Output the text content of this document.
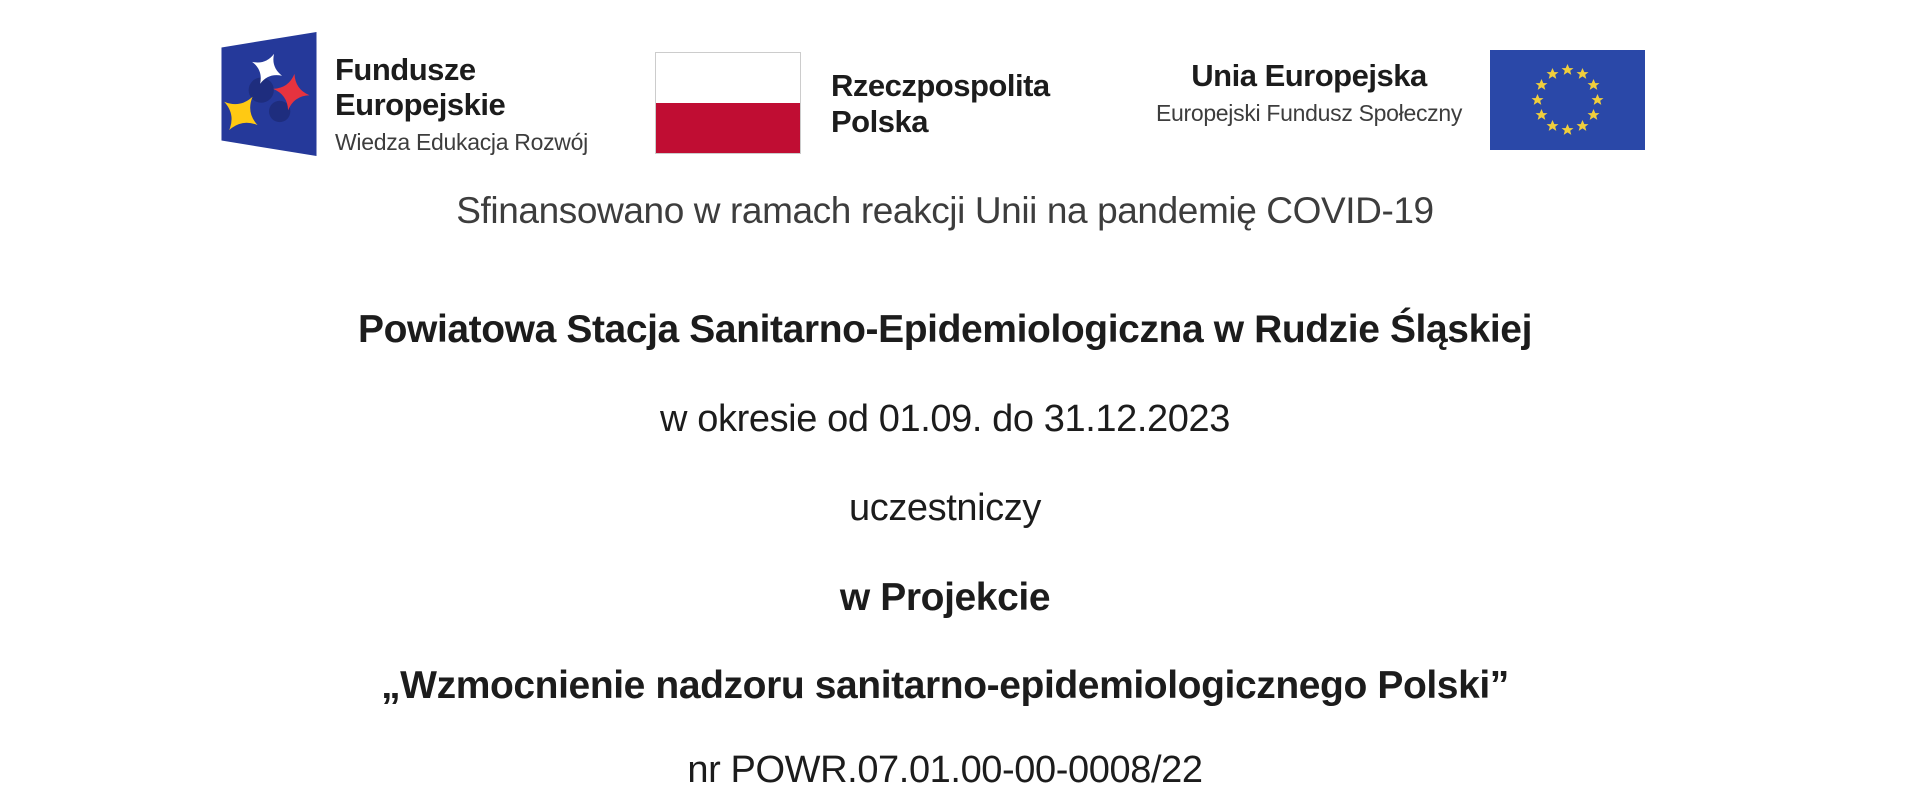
Fundusze
Europejskie
Wiedza Edukacja Rozwój
Rzeczpospolita
Polska
Unia Europejska
Europejski Fundusz Społeczny
Sfinansowano w ramach reakcji Unii na pandemię COVID-19
Powiatowa Stacja Sanitarno-Epidemiologiczna w Rudzie Śląskiej
w okresie od 01.09. do 31.12.2023
uczestniczy
w Projekcie
„Wzmocnienie nadzoru sanitarno-epidemiologicznego Polski”
nr POWR.07.01.00-00-0008/22
